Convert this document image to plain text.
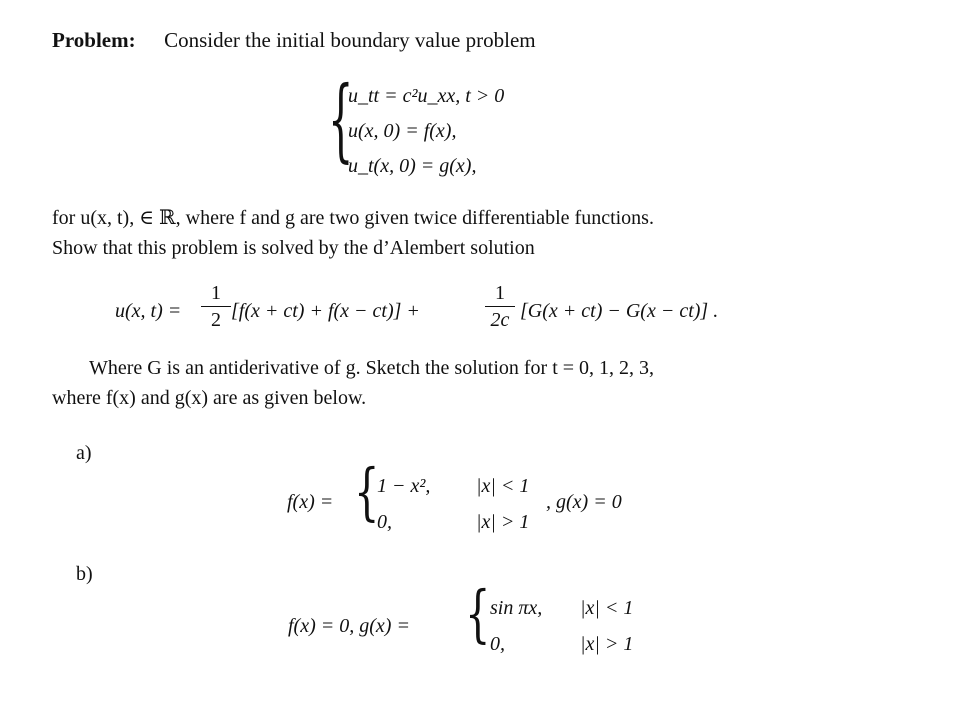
Problem: Consider the initial boundary value problem
{
u_tt = c²u_xx, t > 0
u(x, 0) = f(x),
u_t(x, 0) = g(x),
for u(x, t), ∈ ℝ, where f and g are two given twice differentiable functions.
Show that this problem is solved by the d’Alembert solution
u(x, t) =
1
2 [f(x + ct) + f(x − ct)] +
1
2c [G(x + ct) − G(x − ct)] .
Where G is an antiderivative of g. Sketch the solution for t = 0, 1, 2, 3,
where f(x) and g(x) are as given below.
a)
f(x) = {
1 − x², |x| < 1
0,	|x| > 1
, g(x) = 0
b)
f(x) = 0, g(x) = { sin πx, |x| < 1
0,	|x| > 1
